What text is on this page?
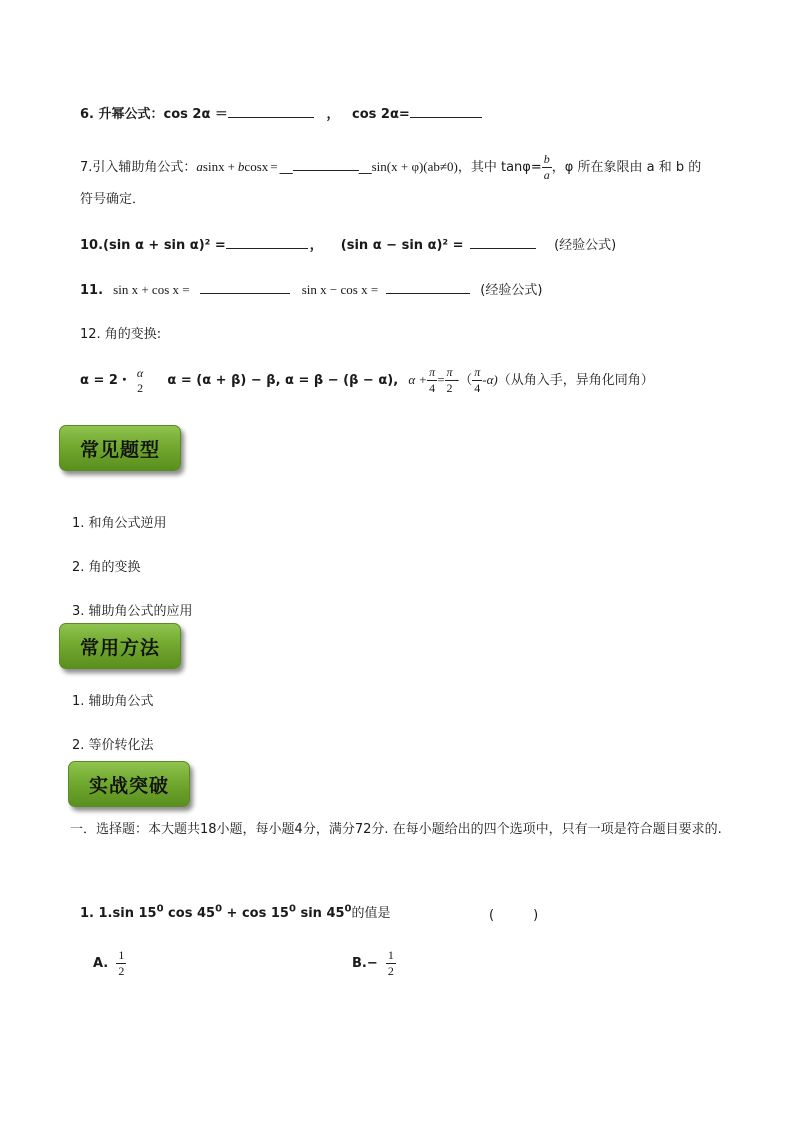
6. 升幂公式：cos 2α ＝	， cos 2α=
7.引入辅助角公式：asinx + bcosx = __	__sin(x + φ)(ab≠0)，其中 $\tan\varphi= \frac{b}{a}$ ，φ 所在象限由 a 和 b 的
符号确定．
10.(sin α + sin α)² =	， (sin α − sin α)² =	(经验公式)
11. sin x + cos x =	sin x − cos x =	(经验公式)
12. 角的变换:
α = 2・
α
2 α = (α + β) − β, α = β − (β − α), $\alpha + \frac{\pi}{4} = \frac{\pi}{2}$ -（ $\frac{\pi}{4} -\alpha$)（从角入手，异角化同角）
常见题型
1. 和角公式逆用
2. 角的变换
3. 辅助角公式的应用
常用方法
1. 辅助角公式
2. 等价转化法
实战突破
一．选择题：本大题共18小题，每小题4分，满分72分. 在每小题给出的四个选项中，只有一项是符合题目要求的.
1. 1.sin $15^0$ $\cos 45^0 + \cos 15^0$ $\sin 45^0$的值是	(　　　)
A. $\frac{1}{2}$	$B.- \frac{1}{2}$
